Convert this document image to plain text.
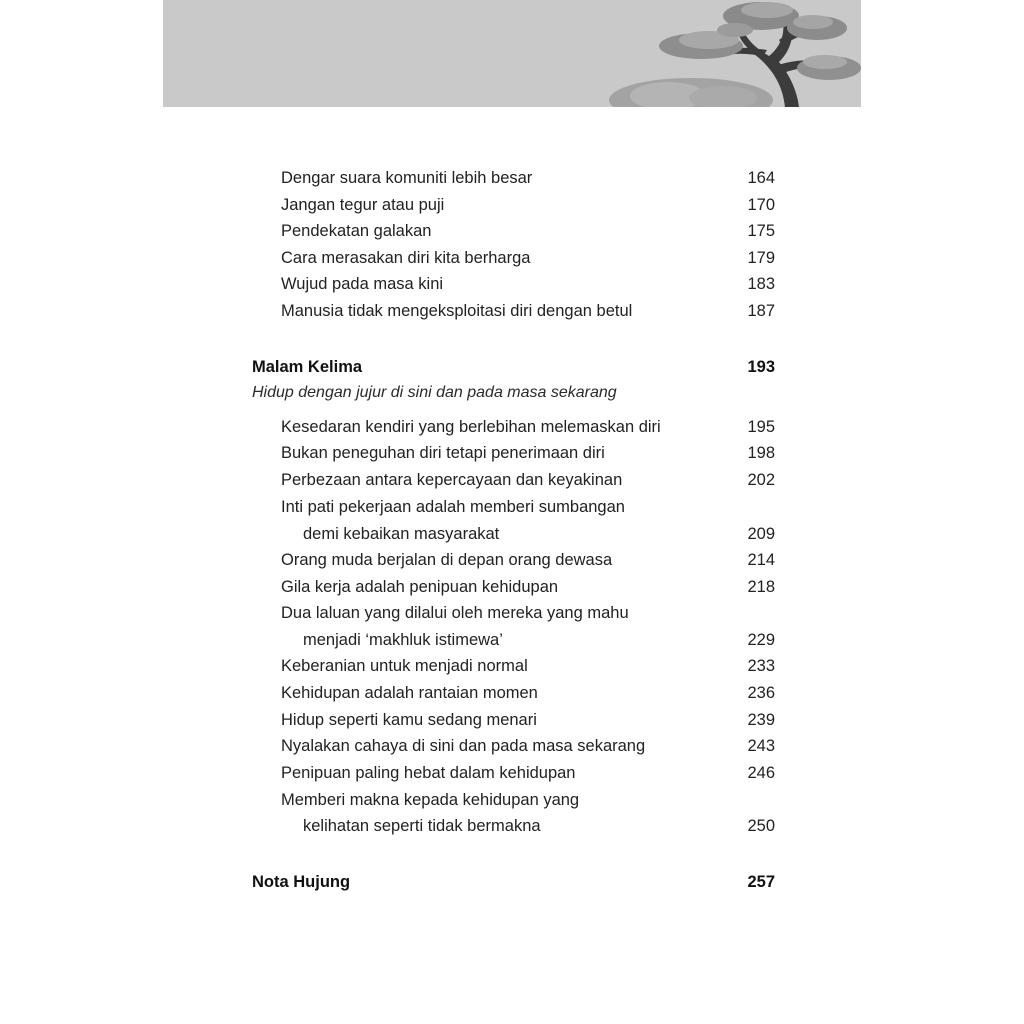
Dengar suara komuniti lebih besar	164
Jangan tegur atau puji	170
Pendekatan galakan	175
Cara merasakan diri kita berharga	179
Wujud pada masa kini	183
Manusia tidak mengeksploitasi diri dengan betul	187
Malam Kelima	193
Hidup dengan jujur di sini dan pada masa sekarang
Kesedaran kendiri yang berlebihan melemaskan diri	195
Bukan peneguhan diri tetapi penerimaan diri	198
Perbezaan antara kepercayaan dan keyakinan	202
Inti pati pekerjaan adalah memberi sumbangan
demi kebaikan masyarakat	209
Orang muda berjalan di depan orang dewasa	214
Gila kerja adalah penipuan kehidupan	218
Dua laluan yang dilalui oleh mereka yang mahu
menjadi ‘makhluk istimewa’	229
Keberanian untuk menjadi normal	233
Kehidupan adalah rantaian momen	236
Hidup seperti kamu sedang menari	239
Nyalakan cahaya di sini dan pada masa sekarang	243
Penipuan paling hebat dalam kehidupan	246
Memberi makna kepada kehidupan yang
kelihatan seperti tidak bermakna	250
Nota Hujung	257
